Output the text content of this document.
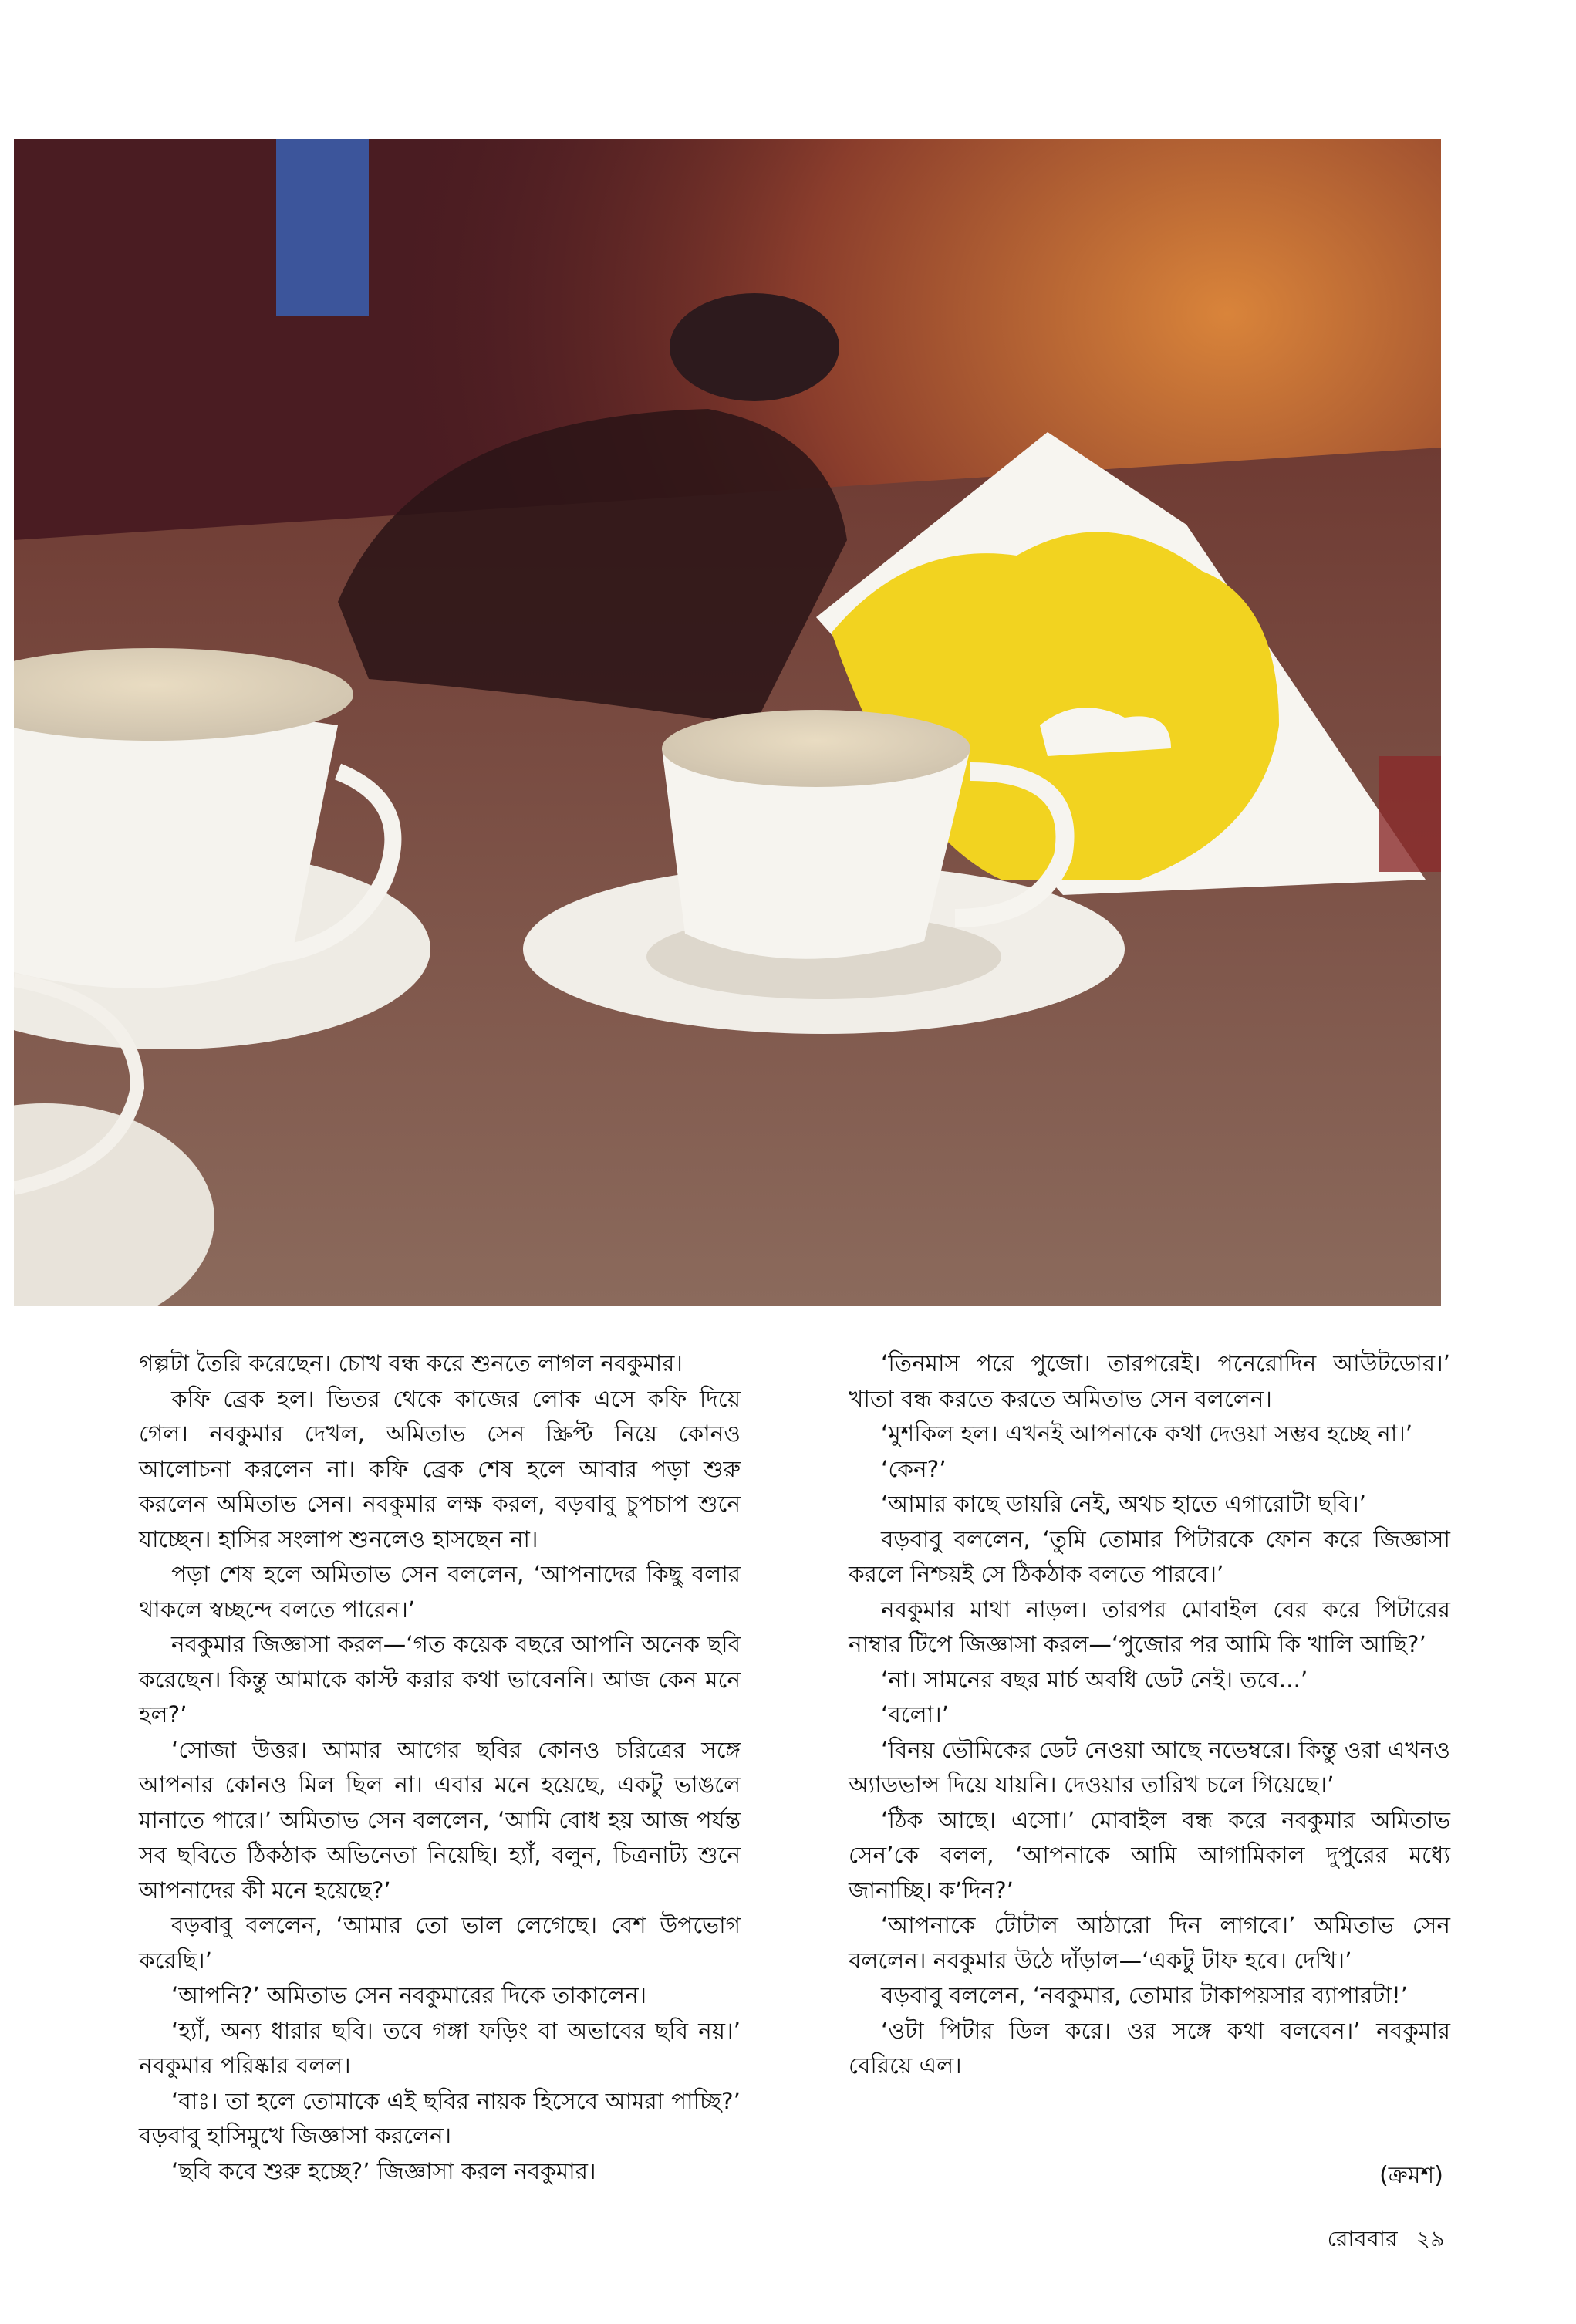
গল্পটা তৈরি করেছেন। চোখ বন্ধ করে শুনতে লাগল নবকুমার।

কফি ব্রেক হল। ভিতর থেকে কাজের লোক এসে কফি দিয়ে গেল। নবকুমার দেখল, অমিতাভ সেন স্ক্রিপ্ট নিয়ে কোনও আলোচনা করলেন না। কফি ব্রেক শেষ হলে আবার পড়া শুরু করলেন অমিতাভ সেন। নবকুমার লক্ষ করল, বড়বাবু চুপচাপ শুনে যাচ্ছেন। হাসির সংলাপ শুনলেও হাসছেন না।

পড়া শেষ হলে অমিতাভ সেন বললেন, ‘আপনাদের কিছু বলার থাকলে স্বচ্ছন্দে বলতে পারেন।’

নবকুমার জিজ্ঞাসা করল—‘গত কয়েক বছরে আপনি অনেক ছবি করেছেন। কিন্তু আমাকে কাস্ট করার কথা ভাবেননি। আজ কেন মনে হল?’

‘সোজা উত্তর। আমার আগের ছবির কোনও চরিত্রের সঙ্গে আপনার কোনও মিল ছিল না। এবার মনে হয়েছে, একটু ভাঙলে মানাতে পারে।’ অমিতাভ সেন বললেন, ‘আমি বোধ হয় আজ পর্যন্ত সব ছবিতে ঠিকঠাক অভিনেতা নিয়েছি। হ্যাঁ, বলুন, চিত্রনাট্য শুনে আপনাদের কী মনে হয়েছে?’

বড়বাবু বললেন, ‘আমার তো ভাল লেগেছে। বেশ উপভোগ করেছি।’

‘আপনি?’ অমিতাভ সেন নবকুমারের দিকে তাকালেন।

‘হ্যাঁ, অন্য ধারার ছবি। তবে গঙ্গা ফড়িং বা অভাবের ছবি নয়।’ নবকুমার পরিষ্কার বলল।

‘বাঃ। তা হলে তোমাকে এই ছবির নায়ক হিসেবে আমরা পাচ্ছি?’ বড়বাবু হাসিমুখে জিজ্ঞাসা করলেন।

‘ছবি কবে শুরু হচ্ছে?’ জিজ্ঞাসা করল নবকুমার।

‘তিনমাস পরে পুজো। তারপরেই। পনেরোদিন আউটডোর।’ খাতা বন্ধ করতে করতে অমিতাভ সেন বললেন।

‘মুশকিল হল। এখনই আপনাকে কথা দেওয়া সম্ভব হচ্ছে না।’

‘কেন?’

‘আমার কাছে ডায়রি নেই, অথচ হাতে এগারোটা ছবি।’

বড়বাবু বললেন, ‘তুমি তোমার পিটারকে ফোন করে জিজ্ঞাসা করলে নিশ্চয়ই সে ঠিকঠাক বলতে পারবে।’

নবকুমার মাথা নাড়ল। তারপর মোবাইল বের করে পিটারের নাম্বার টিপে জিজ্ঞাসা করল—‘পুজোর পর আমি কি খালি আছি?’

‘না। সামনের বছর মার্চ অবধি ডেট নেই। তবে...’

‘বলো।’

‘বিনয় ভৌমিকের ডেট নেওয়া আছে নভেম্বরে। কিন্তু ওরা এখনও অ্যাডভান্স দিয়ে যায়নি। দেওয়ার তারিখ চলে গিয়েছে।’

‘ঠিক আছে। এসো।’ মোবাইল বন্ধ করে নবকুমার অমিতাভ সেন’কে বলল, ‘আপনাকে আমি আগামিকাল দুপুরের মধ্যে জানাচ্ছি। ক’দিন?’

‘আপনাকে টোটাল আঠারো দিন লাগবে।’ অমিতাভ সেন বললেন। নবকুমার উঠে দাঁড়াল—‘একটু টাফ হবে। দেখি।’

বড়বাবু বললেন, ‘নবকুমার, তোমার টাকাপয়সার ব্যাপারটা!’

‘ওটা পিটার ডিল করে। ওর সঙ্গে কথা বলবেন।’ নবকুমার বেরিয়ে এল।

(ক্রমশ)
রোববার ২৯
